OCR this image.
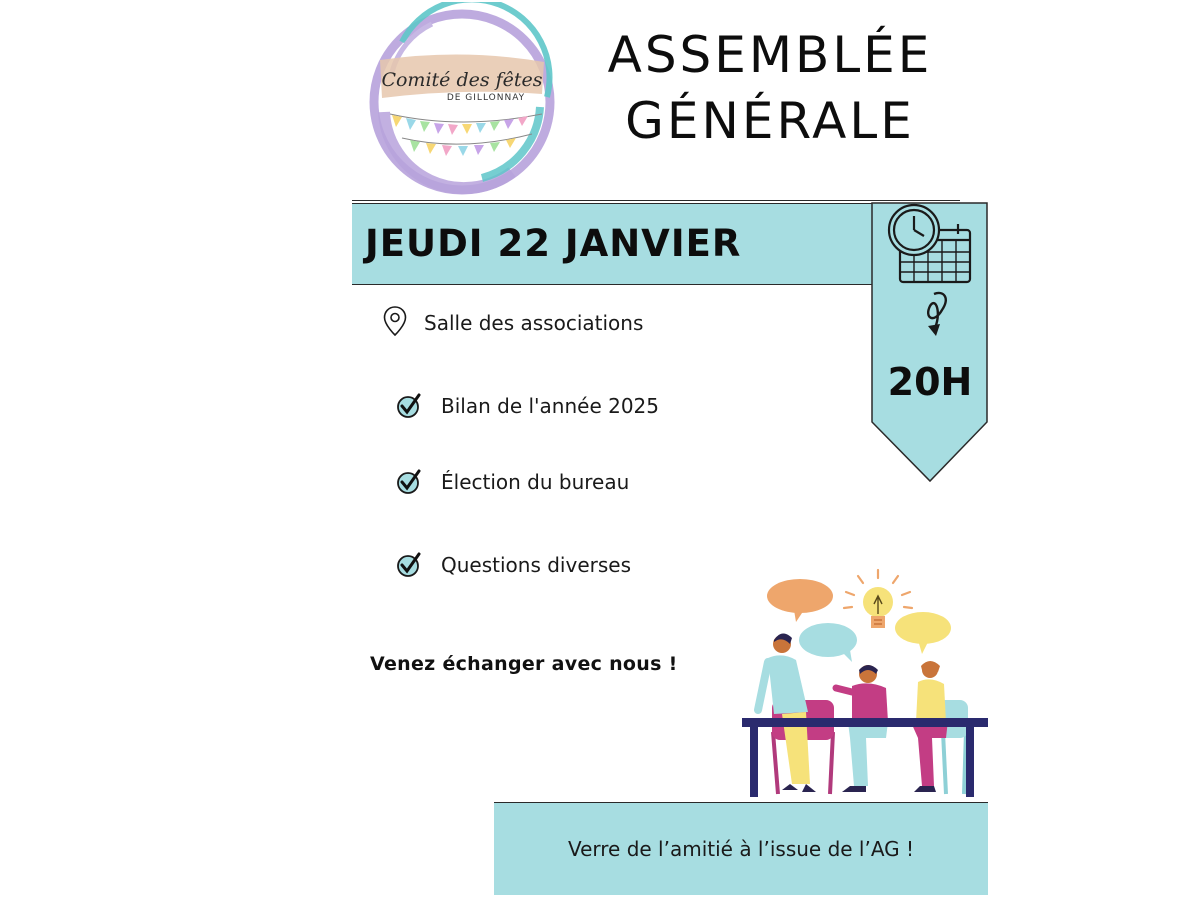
Comité des fêtes
DE GILLONNAY
ASSEMBLÉE
GÉNÉRALE
JEUDI 22 JANVIER
20H
Salle des associations
Bilan de l'année 2025
Élection du bureau
Questions diverses
Venez échanger avec nous !
Verre de l’amitié à l’issue de l’AG !
